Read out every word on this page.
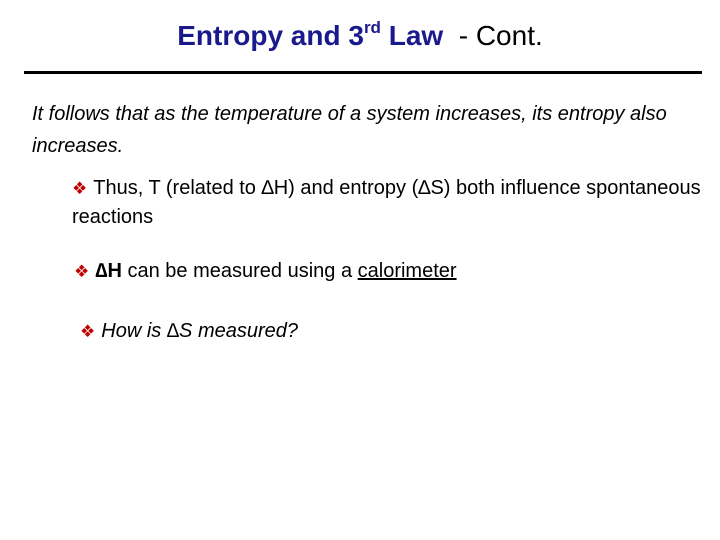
Entropy and 3rd Law  - Cont.
It follows that as the temperature of a system increases, its entropy also increases.
❖ Thus, T (related to ∆H) and entropy (∆S) both influence spontaneous reactions
❖ ∆H can be measured using a calorimeter
❖ How is ∆S measured?
